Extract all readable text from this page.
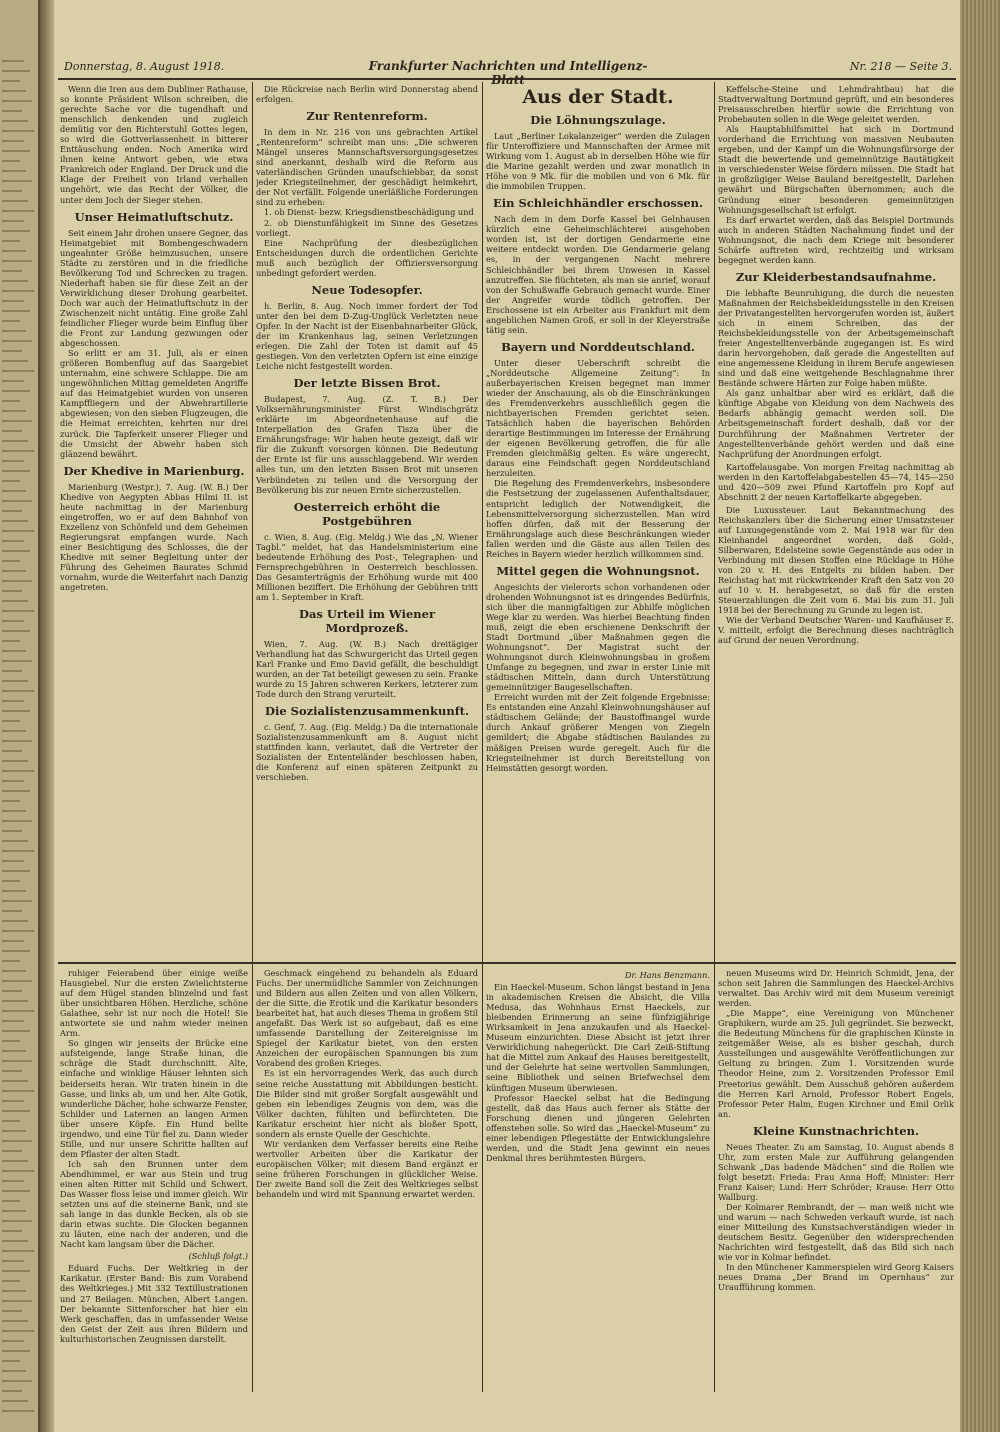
Donnerstag, 8. August 1918.	Frankfurter Nachrichten und Intelligenz-Blatt
Nr. 218 — Seite 3.

Wenn die Iren aus dem Dubliner Rathause, so konnte Präsident Wilson schreiben, die gerechte Sache vor die tugendhaft und menschlich denkenden und zugleich demütig vor den Richterstuhl Gottes legen, so wird die Gottverlassenheit in bitterer Enttäuschung enden. Noch Amerika wird ihnen keine Antwort geben, wie etwa Frankreich oder England. Der Druck und die Klage der Freiheit von Irland verhallen ungehört, wie das Recht der Völker, die unter dem Joch der Sieger stehen.

Unser Heimatluftschutz.

Seit einem Jahr drohen unsere Gegner, das Heimatgebiet mit Bombengeschwadern ungeahnter Größe heimzusuchen, unsere Städte zu zerstören und in die friedliche Bevölkerung Tod und Schrecken zu tragen. Niederhaft haben sie für diese Zeit an der Verwirklichung dieser Drohung gearbeitet. Doch war auch der Heimatluftschutz in der Zwischenzeit nicht untätig. Eine große Zahl feindlicher Flieger wurde beim Einflug über die Front zur Landung gezwungen oder abgeschossen.

So erlitt er am 31. Juli, als er einen größeren Bombenflug auf das Saargebiet unternahm, eine schwere Schlappe. Die am ungewöhnlichen Mittag gemeldeten Angriffe auf das Heimatgebiet wurden von unseren Kampffliegern und der Abwehrartillerie abgewiesen; von den sieben Flugzeugen, die die Heimat erreichten, kehrten nur drei zurück. Die Tapferkeit unserer Flieger und die Umsicht der Abwehr haben sich glänzend bewährt.

Der Khedive in Marienburg.

Marienburg (Westpr.), 7. Aug. (W. B.) Der Khedive von Aegypten Abbas Hilmi II. ist heute nachmittag in der Marienburg eingetroffen, wo er auf dem Bahnhof von Exzellenz von Schönfeld und dem Geheimen Regierungsrat empfangen wurde. Nach einer Besichtigung des Schlosses, die der Khedive mit seiner Begleitung unter der Führung des Geheimen Baurates Schmid vornahm, wurde die Weiterfahrt nach Danzig angetreten.

ruhiger Feierabend über einige weiße Hausgiebel. Nur die ersten Zwielichtsterne auf dem Hügel standen blinzelnd und fast über unsichtbaren Höhen. Herzliche, schöne Galathee, sehr ist nur noch die Hotel! Sie antwortete sie und nahm wieder meinen Arm.

So gingen wir jenseits der Brücke eine aufsteigende, lange Straße hinan, die schräge die Stadt durchschnitt. Alte, einfache und winklige Häuser lehnten sich beiderseits heran. Wir traten hinein in die Gasse, und links ab, um und her. Alte Gotik, wunderliche Dächer, hohe schwarze Fenster, Schilder und Laternen an langen Armen über unsere Köpfe. Ein Hund bellte irgendwo, und eine Tür fiel zu. Dann wieder Stille, und nur unsere Schritte hallten auf dem Pflaster der alten Stadt.

Ich sah den Brunnen unter dem Abendhimmel, er war aus Stein und trug einen alten Ritter mit Schild und Schwert. Das Wasser floss leise und immer gleich. Wir setzten uns auf die steinerne Bank, und sie sah lange in das dunkle Becken, als ob sie darin etwas suchte. Die Glocken begannen zu läuten, eine nach der anderen, und die Nacht kam langsam über die Dächer.

(Schluß folgt.)

Eduard Fuchs. Der Weltkrieg in der Karikatur. (Erster Band: Bis zum Vorabend des Weltkrieges.) Mit 332 Textillustrationen und 27 Beilagen. München, Albert Langen. Der bekannte Sittenforscher hat hier ein Werk geschaffen, das in umfassender Weise den Geist der Zeit aus ihren Bildern und kulturhistorischen Zeugnissen darstellt.

Die Rückreise nach Berlin wird Donnerstag abend erfolgen.

Zur Rentenreform.

In dem in Nr. 216 von uns gebrachten Artikel „Rentenreform“ schreibt man uns: „Die schweren Mängel unseres Mannschaftsversorgungsgesetzes sind anerkannt, deshalb wird die Reform aus vaterländischen Gründen unaufschiebbar, da sonst jeder Kriegsteilnehmer, der geschädigt heimkehrt, der Not verfällt. Folgende unerläßliche Forderungen sind zu erheben:

1. ob Dienst- bezw. Kriegsdienstbeschädigung und

2. ob Dienstunfähigkeit im Sinne des Gesetzes vorliegt.

Eine Nachprüfung der diesbezüglichen Entscheidungen durch die ordentlichen Gerichte muß auch bezüglich der Offiziersversorgung unbedingt gefordert werden.

Neue Todesopfer.

h. Berlin, 8. Aug. Noch immer fordert der Tod unter den bei dem D-Zug-Unglück Verletzten neue Opfer. In der Nacht ist der Eisenbahnarbeiter Glück, der im Krankenhaus lag, seinen Verletzungen erlegen. Die Zahl der Toten ist damit auf 45 gestiegen. Von den verletzten Opfern ist eine einzige Leiche nicht festgestellt worden.

Der letzte Bissen Brot.

Budapest, 7. Aug. (Z. T. B.) Der Volksernährungsminister Fürst Windischgrätz erklärte im Abgeordnetenhause auf die Interpellation des Grafen Tisza über die Ernährungsfrage: Wir haben heute gezeigt, daß wir für die Zukunft vorsorgen können. Die Bedeutung der Ernte ist für uns ausschlaggebend. Wir werden alles tun, um den letzten Bissen Brot mit unseren Verbündeten zu teilen und die Versorgung der Bevölkerung bis zur neuen Ernte sicherzustellen.

Oesterreich erhöht die Postgebühren

c. Wien, 8. Aug. (Eig. Meldg.) Wie das „N. Wiener Tagbl.“ meldet, hat das Handelsministerium eine bedeutende Erhöhung des Post-, Telegraphen- und Fernsprechgebühren in Oesterreich beschlossen. Das Gesamterträgnis der Erhöhung wurde mit 400 Millionen beziffert. Die Erhöhung der Gebühren tritt am 1. September in Kraft.

Das Urteil im Wiener Mordprozeß.

Wien, 7. Aug. (W. B.) Nach dreitägiger Verhandlung hat das Schwurgericht das Urteil gegen Karl Franke und Emo David gefällt, die beschuldigt wurden, an der Tat beteiligt gewesen zu sein. Franke wurde zu 15 Jahren schweren Kerkers, letzterer zum Tode durch den Strang verurteilt.

Die Sozialistenzusammenkunft.

c. Genf, 7. Aug. (Eig. Meldg.) Da die internationale Sozialistenzusammenkunft am 8. August nicht stattfinden kann, verlautet, daß die Vertreter der Sozialisten der Ententeländer beschlossen haben, die Konferenz auf einen späteren Zeitpunkt zu verschieben.

Geschmack eingehend zu behandeln als Eduard Fuchs. Der unermüdliche Sammler von Zeichnungen und Bildern aus allen Zeiten und von allen Völkern, der die Sitte, die Erotik und die Karikatur besonders bearbeitet hat, hat auch dieses Thema in großem Stil angefaßt. Das Werk ist so aufgebaut, daß es eine umfassende Darstellung der Zeitereignisse im Spiegel der Karikatur bietet, von den ersten Anzeichen der europäischen Spannungen bis zum Vorabend des großen Krieges.

Es ist ein hervorragendes Werk, das auch durch seine reiche Ausstattung mit Abbildungen besticht. Die Bilder sind mit großer Sorgfalt ausgewählt und geben ein lebendiges Zeugnis von dem, was die Völker dachten, fühlten und befürchteten. Die Karikatur erscheint hier nicht als bloßer Spott, sondern als ernste Quelle der Geschichte.

Wir verdanken dem Verfasser bereits eine Reihe wertvoller Arbeiten über die Karikatur der europäischen Völker; mit diesem Band ergänzt er seine früheren Forschungen in glücklicher Weise. Der zweite Band soll die Zeit des Weltkrieges selbst behandeln und wird mit Spannung erwartet werden.

Aus der Stadt.
Die Löhnungszulage.

Laut „Berliner Lokalanzeiger“ werden die Zulagen für Unteroffiziere und Mannschaften der Armee mit Wirkung vom 1. August ab in derselben Höhe wie für die Marine gezahlt werden und zwar monatlich in Höhe von 9 Mk. für die mobilen und von 6 Mk. für die immobilen Truppen.

Ein Schleichhändler erschossen.

Nach dem in dem Dorfe Kassel bei Gelnhausen kürzlich eine Geheimschlächterei ausgehoben worden ist, ist der dortigen Gendarmerie eine weitere entdeckt worden. Die Gendarmerie gelang es, in der vergangenen Nacht mehrere Schleichhändler bei ihrem Unwesen in Kassel anzutreffen. Sie flüchteten, als man sie anrief, worauf von der Schußwaffe Gebrauch gemacht wurde. Einer der Angreifer wurde tödlich getroffen. Der Erschossene ist ein Arbeiter aus Frankfurt mit dem angeblichen Namen Groß, er soll in der Kleyerstraße tätig sein.

Bayern und Norddeutschland.

Unter dieser Ueberschrift schreibt die „Norddeutsche Allgemeine Zeitung“: In außerbayerischen Kreisen begegnet man immer wieder der Anschauung, als ob die Einschränkungen des Fremdenverkehrs ausschließlich gegen die nichtbayerischen Fremden gerichtet seien. Tatsächlich haben die bayerischen Behörden derartige Bestimmungen im Interesse der Ernährung der eigenen Bevölkerung getroffen, die für alle Fremden gleichmäßig gelten. Es wäre ungerecht, daraus eine Feindschaft gegen Norddeutschland herzuleiten.

Die Regelung des Fremdenverkehrs, insbesondere die Festsetzung der zugelassenen Aufenthaltsdauer, entspricht lediglich der Notwendigkeit, die Lebensmittelversorgung sicherzustellen. Man wird hoffen dürfen, daß mit der Besserung der Ernährungslage auch diese Beschränkungen wieder fallen werden und die Gäste aus allen Teilen des Reiches in Bayern wieder herzlich willkommen sind.

Mittel gegen die Wohnungsnot.

Angesichts der vielerorts schon vorhandenen oder drohenden Wohnungsnot ist es dringendes Bedürfnis, sich über die mannigfaltigen zur Abhilfe möglichen Wege klar zu werden. Was hierbei Beachtung finden muß, zeigt die eben erschienene Denkschrift der Stadt Dortmund „über Maßnahmen gegen die Wohnungsnot“. Der Magistrat sucht der Wohnungsnot durch Kleinwohnungsbau in großem Umfange zu begegnen, und zwar in erster Linie mit städtischen Mitteln, dann durch Unterstützung gemeinnütziger Baugesellschaften.

Erreicht wurden mit der Zeit folgende Ergebnisse: Es entstanden eine Anzahl Kleinwohnungshäuser auf städtischem Gelände; der Baustoffmangel wurde durch Ankauf größerer Mengen von Ziegeln gemildert; die Abgabe städtischen Baulandes zu mäßigen Preisen wurde geregelt. Auch für die Kriegsteilnehmer ist durch Bereitstellung von Heimstätten gesorgt worden.

Dr. Hans Benzmann.

Ein Haeckel-Museum. Schon längst bestand in Jena in akademischen Kreisen die Absicht, die Villa Medusa, das Wohnhaus Ernst Haeckels, zur bleibenden Erinnerung an seine fünfzigjährige Wirksamkeit in Jena anzukaufen und als Haeckel-Museum einzurichten. Diese Absicht ist jetzt ihrer Verwirklichung nahegerückt. Die Carl Zeiß-Stiftung hat die Mittel zum Ankauf des Hauses bereitgestellt, und der Gelehrte hat seine wertvollen Sammlungen, seine Bibliothek und seinen Briefwechsel dem künftigen Museum überwiesen.

Professor Haeckel selbst hat die Bedingung gestellt, daß das Haus auch ferner als Stätte der Forschung dienen und jüngeren Gelehrten offenstehen solle. So wird das „Haeckel-Museum“ zu einer lebendigen Pflegestätte der Entwicklungslehre werden, und die Stadt Jena gewinnt ein neues Denkmal ihres berühmtesten Bürgers.

Keffelsche-Steine und Lehmdrahtbau) hat die Stadtverwaltung Dortmund geprüft, und ein besonderes Preisausschreiben hierfür sowie die Errichtung von Probebauten sollen in die Wege geleitet werden.

Als Hauptabhilfsmittel hat sich in Dortmund vorderhand die Errichtung von massiven Neubauten ergeben, und der Kampf um die Wohnungsfürsorge der Stadt die bewertende und gemeinnützige Bautätigkeit in verschiedenster Weise fördern müssen. Die Stadt hat in großzügiger Weise Bauland bereitgestellt, Darlehen gewährt und Bürgschaften übernommen; auch die Gründung einer besonderen gemeinnützigen Wohnungsgesellschaft ist erfolgt.

Es darf erwartet werden, daß das Beispiel Dortmunds auch in anderen Städten Nachahmung findet und der Wohnungsnot, die nach dem Kriege mit besonderer Schärfe auftreten wird, rechtzeitig und wirksam begegnet werden kann.

Zur Kleiderbestandsaufnahme.

Die lebhafte Beunruhigung, die durch die neuesten Maßnahmen der Reichsbekleidungsstelle in den Kreisen der Privatangestellten hervorgerufen worden ist, äußert sich in einem Schreiben, das der Reichsbekleidungsstelle von der Arbeitsgemeinschaft freier Angestelltenverbände zugegangen ist. Es wird darin hervorgehoben, daß gerade die Angestellten auf eine angemessene Kleidung in ihrem Berufe angewiesen sind und daß eine weitgehende Beschlagnahme ihrer Bestände schwere Härten zur Folge haben müßte.

Als ganz unhaltbar aber wird es erklärt, daß die künftige Abgabe von Kleidung von dem Nachweis des Bedarfs abhängig gemacht werden soll. Die Arbeitsgemeinschaft fordert deshalb, daß vor der Durchführung der Maßnahmen Vertreter der Angestelltenverbände gehört werden und daß eine Nachprüfung der Anordnungen erfolgt.

Kartoffelausgabe. Von morgen Freitag nachmittag ab werden in den Kartoffelabgabestellen 45—74, 145—250 und 420—509 zwei Pfund Kartoffeln pro Kopf auf Abschnitt 2 der neuen Kartoffelkarte abgegeben.

Die Luxussteuer. Laut Bekanntmachung des Reichskanzlers über die Sicherung einer Umsatzsteuer auf Luxusgegenstände vom 2. Mai 1918 war für den Kleinhandel angeordnet worden, daß Gold-, Silberwaren, Edelsteine sowie Gegenstände aus oder in Verbindung mit diesen Stoffen eine Rücklage in Höhe von 20 v. H. des Entgelts zu bilden haben. Der Reichstag hat mit rückwirkender Kraft den Satz von 20 auf 10 v. H. herabgesetzt, so daß für die ersten Steuerzahlungen die Zeit vom 6. Mai bis zum 31. Juli 1918 bei der Berechnung zu Grunde zu legen ist.

Wie der Verband Deutscher Waren- und Kaufhäuser E. V. mitteilt, erfolgt die Berechnung dieses nachträglich auf Grund der neuen Verordnung.

neuen Museums wird Dr. Heinrich Schmidt, Jena, der schon seit Jahren die Sammlungen des Haeckel-Archivs verwaltet. Das Archiv wird mit dem Museum vereinigt werden.

„Die Mappe“, eine Vereinigung von Münchener Graphikern, wurde am 25. Juli gegründet. Sie bezweckt, die Bedeutung Münchens für die graphischen Künste in zeitgemäßer Weise, als es bisher geschah, durch Ausstellungen und ausgewählte Veröffentlichungen zur Geltung zu bringen. Zum 1. Vorsitzenden wurde Theodor Heine, zum 2. Vorsitzenden Professor Emil Preetorius gewählt. Dem Ausschuß gehören außerdem die Herren Karl Arnold, Professor Robert Engels, Professor Peter Halm, Eugen Kirchner und Emil Orlik an.

Kleine Kunstnachrichten.

Neues Theater. Zu am Samstag, 10. August abends 8 Uhr, zum ersten Male zur Aufführung gelangenden Schwank „Das badende Mädchen“ sind die Rollen wie folgt besetzt: Frieda: Frau Anna Hoff; Minister: Herr Franz Kaiser; Lund: Herr Schröder; Krause: Herr Otto Wallburg.

Der Kolmarer Rembrandt, der — man weiß nicht wie und warum — nach Schweden verkauft wurde, ist nach einer Mitteilung des Kunstsachverständigen wieder in deutschem Besitz. Gegenüber den widersprechenden Nachrichten wird festgestellt, daß das Bild sich nach wie vor in Kolmar befindet.

In den Münchener Kammerspielen wird Georg Kaisers neues Drama „Der Brand im Opernhaus“ zur Uraufführung kommen.
